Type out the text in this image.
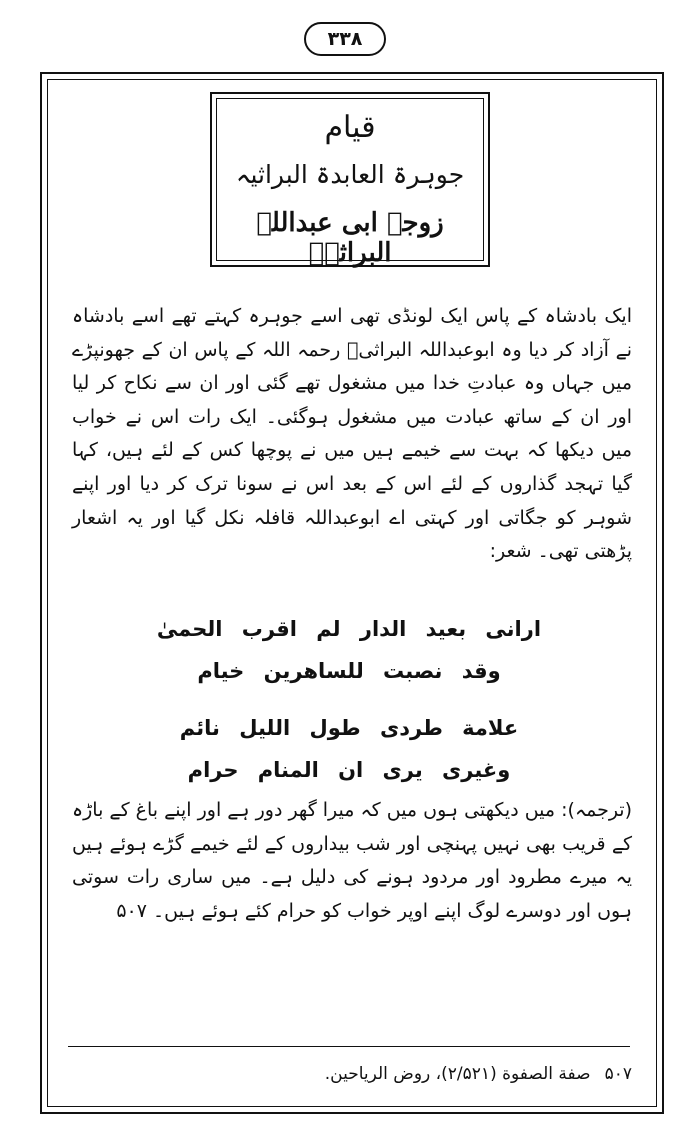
۳۳۸
قیام
جوہرۃ العابدۃ البراثیہ
زوجۂ ابی عبداللہ البراثیؒ

ایک بادشاہ کے پاس ایک لونڈی تھی اسے جوہرہ کہتے تھے اسے بادشاہ نے آزاد کر دیا وہ ابوعبداللہ البراثیؒ رحمہ اللہ کے پاس ان کے جھونپڑے میں جہاں وہ عبادتِ خدا میں مشغول تھے گئی اور ان سے نکاح کر لیا اور ان کے ساتھ عبادت میں مشغول ہوگئی۔ ایک رات اس نے خواب میں دیکھا کہ بہت سے خیمے ہیں میں نے پوچھا کس کے لئے ہیں، کہا گیا تہجد گذاروں کے لئے اس کے بعد اس نے سونا ترک کر دیا اور اپنے شوہر کو جگاتی اور کہتی اے ابوعبداللہ قافلہ نکل گیا اور یہ اشعار پڑھتی تھی۔ شعر:

ارانی بعید الدار لم اقرب الحمیٰ
وقد نصبت للساھرین خیام
علامة طردی طول اللیل نائم
وغیری یری ان المنام حرام

(ترجمہ): میں دیکھتی ہوں میں کہ میرا گھر دور ہے اور اپنے باغ کے باڑہ کے قریب بھی نہیں پہنچی اور شب بیداروں کے لئے خیمے گڑے ہوئے ہیں یہ میرے مطرود اور مردود ہونے کی دلیل ہے۔ میں ساری رات سوتی ہوں اور دوسرے لوگ اپنے اوپر خواب کو حرام کئے ہوئے ہیں۔ ۵۰۷

۵۰۷صفة الصفوة (۲/۵۲۱)، روض الریاحین.
